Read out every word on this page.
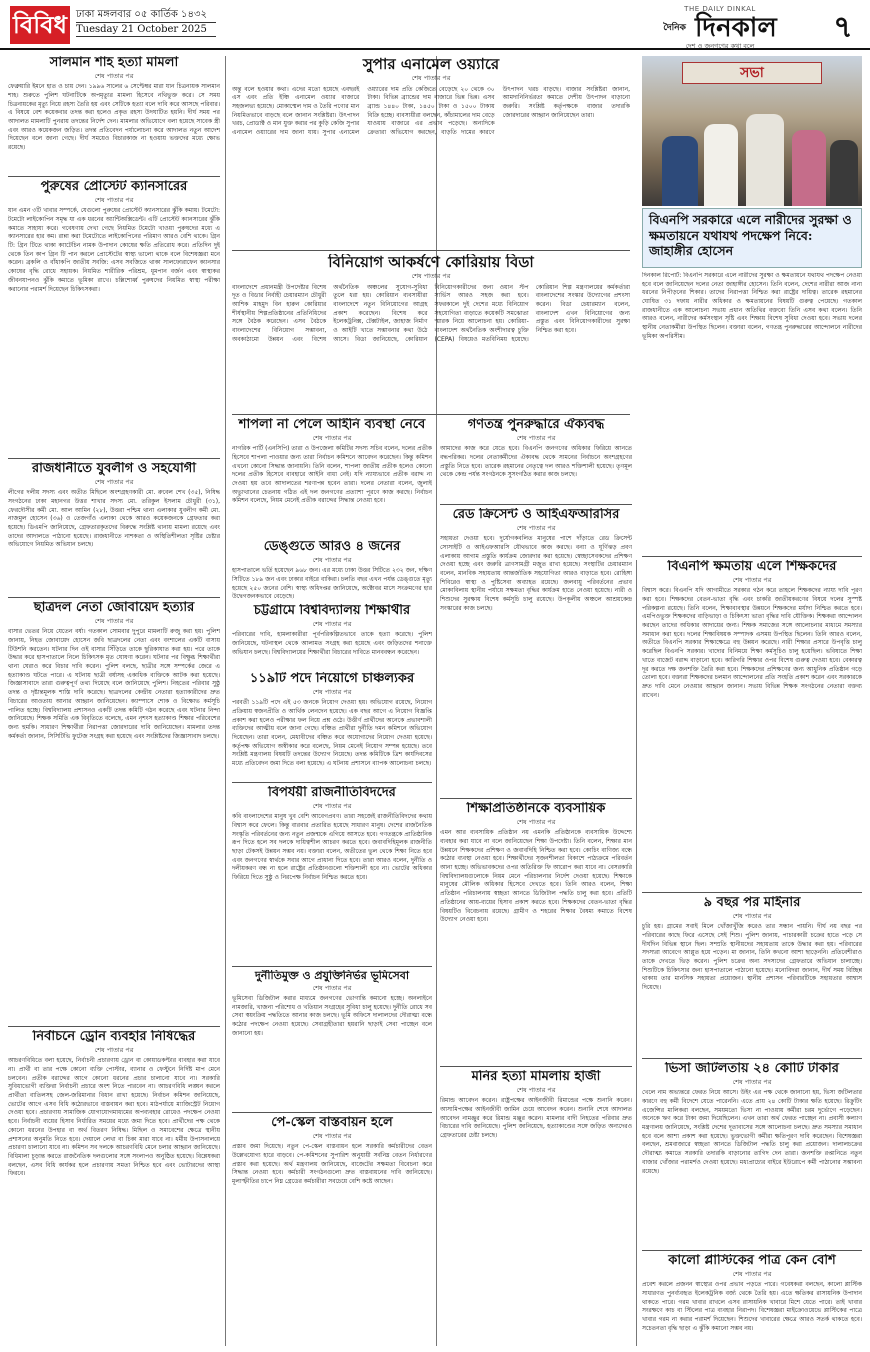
বিবিধ ঢাকা মঙ্গলবার ০৫ কার্তিক ১৪৩২
Tuesday 21 October 2025
THE DAILY DINKAL
$^{দৈনিক}$ দিনকাল
দেশ ও জনগণের কথা বলে
৭
সালমান শাহ হত্যা মামলা
শেষ পাতার পর
ফেব্রুয়ারি ইমনে হাত ও চায় দেন। ১৯৯৬ সালের ৬ সেপ্টেম্বর মারা যান চিত্রনায়ক সালমান শাহ। শুরুতে পুলিশ ঘটনাটিকে অপমৃত্যুর মামলা হিসেবে নথিভুক্ত করে। সে সময় চিত্রনায়কের মৃত্যু নিয়ে রহস্য তৈরি হয় এবং সেটিকে হত্যা বলে দাবি করে আসছে পরিবার। এ বিষয়ে বেশ কয়েকবার তদন্ত করা হলেও প্রকৃত রহস্য উদঘাটিত হয়নি। দীর্ঘ সময় পর আদালত মামলাটি পুনরায় তদন্তের নির্দেশ দেন। মামলার অভিযোগে বলা হয়েছে সাবেক স্ত্রী এবং আরও কয়েকজন জড়িত। তদন্ত প্রতিবেদন পর্যালোচনা করে আদালত নতুন আদেশ দিয়েছেন বলে জানা গেছে। দীর্ঘ সময়েও বিচারকাজ না হওয়ায় ভক্তদের মধ্যে ক্ষোভ রয়েছে।
পুরুষের প্রোস্টেট ক্যানসারের
শেষ পাতার পর
যান এমন ৩টি খাবার সম্পর্কে, যেগুলো পুরুষের প্রোস্টেট ক্যানসারের ঝুঁকি কমায়। টমেটো: টমেটো লাইকোপিন সমৃদ্ধ যা এক ধরনের অ্যান্টিঅক্সিডেন্ট। এটি প্রোস্টেট ক্যানসারের ঝুঁকি কমাতে সাহায্য করে। গবেষণায় দেখা গেছে নিয়মিত টমেটো খাওয়া পুরুষদের মধ্যে এ ক্যানসারের হার কম। রান্না করা টমেটোতে লাইকোপিনের পরিমাণ আরও বেশি থাকে। গ্রিন টি: গ্রিন টিতে থাকা ক্যাটেচিন নামক উপাদান কোষের ক্ষতি প্রতিরোধ করে। প্রতিদিন দুই থেকে তিন কাপ গ্রিন টি পান করলে প্রোস্টেটের স্বাস্থ্য ভালো থাকে বলে বিশেষজ্ঞরা মনে করেন। ব্রকলি ও বাঁধাকপি জাতীয় সবজি: এসব সবজিতে থাকা সালফোরাফেন ক্যানসার কোষের বৃদ্ধি রোধে সহায়ক। নিয়মিত শারীরিক পরিশ্রম, ধূমপান বর্জন এবং স্বাস্থ্যকর জীবনযাপনও ঝুঁকি কমাতে ভূমিকা রাখে। চল্লিশোর্ধ্ব পুরুষদের নিয়মিত স্বাস্থ্য পরীক্ষা করানোর পরামর্শ দিয়েছেন চিকিৎসকরা।
রাজধানীতে যুবলীগ ও সহযোগী
শেষ পাতার পর
লীগের দলীয় সদস্য এবং অতীত মিছিলে অংশগ্রহণকারী মো. রুবেল শেখ (৩৫), নিষিদ্ধ সংগঠনের ঢাকা মহানগর উত্তর শাখার সদস্য মো. তরিকুল ইসলাম চৌধুরী (৩১), ফেরদৌসীর কর্মী মো. আল আমিন (২৮), উত্তরা পশ্চিম থানা এলাকার যুবলীগ কর্মী মো. নাজমুল হোসেন (৩৬) ও তেজগাঁও এলাকা থেকে আরও কয়েকজনকে গ্রেফতার করা হয়েছে। ডিএমপি জানিয়েছে, গ্রেফতারকৃতদের বিরুদ্ধে সংশ্লিষ্ট থানায় মামলা রয়েছে এবং তাদের আদালতে পাঠানো হয়েছে। রাজধানীতে নাশকতা ও অস্থিতিশীলতা সৃষ্টির চেষ্টার অভিযোগে নিয়মিত অভিযান চলছে।
ছাত্রদল নেতা জোবায়েদ হত্যার
শেষ পাতার পর
বাসার ভেতর নিয়ে যেতেন বর্ষা। গতকাল সোমবার দুপুরে মামলাটি রুজু করা হয়। পুলিশ জানায়, নিহত জোবায়েদ হোসেন জবি ছাত্রদলের নেতা এবং বংশালের একটি বাসায় টিউশনি করতেন। ঘটনার দিন ওই বাসার সিঁড়িতে তাকে ছুরিকাঘাত করা হয়। পরে তাকে উদ্ধার করে হাসপাতালে নিলে চিকিৎসক মৃত ঘোষণা করেন। ঘটনার পর বিক্ষুব্ধ শিক্ষার্থীরা থানা ঘেরাও করে বিচার দাবি করেন। পুলিশ বলছে, ছাত্রীর সঙ্গে সম্পর্কের জেরে এ হত্যাকাণ্ড ঘটতে পারে। এ ঘটনায় ছাত্রী বর্ষাসহ একাধিক ব্যক্তিকে আটক করা হয়েছে। জিজ্ঞাসাবাদে তারা গুরুত্বপূর্ণ তথ্য দিয়েছে বলে জানিয়েছে পুলিশ। নিহতের পরিবার সুষ্ঠু তদন্ত ও দৃষ্টান্তমূলক শাস্তি দাবি করেছে। ছাত্রদলের কেন্দ্রীয় নেতারা হত্যাকারীদের দ্রুত বিচারের আওতায় আনার আহ্বান জানিয়েছেন। ক্যাম্পাসে শোক ও বিক্ষোভ কর্মসূচি পালিত হচ্ছে। বিশ্ববিদ্যালয় প্রশাসনও একটি তদন্ত কমিটি গঠন করেছে এবং ঘটনার নিন্দা জানিয়েছে। শিক্ষক সমিতি এক বিবৃতিতে বলেছে, এমন নৃশংস হত্যাকাণ্ড শিক্ষার পরিবেশের জন্য হুমকি। সাধারণ শিক্ষার্থীরা নিরাপত্তা জোরদারের দাবি জানিয়েছেন। মামলার তদন্ত কর্মকর্তা জানান, সিসিটিভি ফুটেজ সংগ্রহ করা হয়েছে এবং সংশ্লিষ্টদের জিজ্ঞাসাবাদ চলছে।
নির্বাচনে ড্রোন ব্যবহার নিষিদ্ধের
শেষ পাতার পর
আচরণবিধিতে বলা হয়েছে, নির্বাচনী প্রচারণায় ড্রোন বা কোয়াডকপ্টার ব্যবহার করা যাবে না। প্রার্থী বা তার পক্ষে কোনো ব্যক্তি পোস্টার, ব্যানার ও ফেস্টুনে নির্দিষ্ট মাপ মেনে চলবেন। প্রতীক বরাদ্দের আগে কোনো ধরনের প্রচার চালানো যাবে না। সরকারি সুবিধাভোগী ব্যক্তিরা নির্বাচনী প্রচারে অংশ নিতে পারবেন না। আচরণবিধি লঙ্ঘন করলে প্রার্থীতা বাতিলসহ জেল-জরিমানার বিধান রাখা হয়েছে। নির্বাচন কমিশন জানিয়েছে, ভোটের আগে এসব বিধি কঠোরভাবে বাস্তবায়ন করা হবে। মাঠপর্যায়ে ম্যাজিস্ট্রেট নিয়োগ দেওয়া হবে। প্রচারণায় সামাজিক যোগাযোগমাধ্যমের অপব্যবহার রোধেও পদক্ষেপ নেওয়া হবে। নির্বাচনী ব্যয়ের হিসাব নির্ধারিত সময়ের মধ্যে জমা দিতে হবে। প্রার্থীদের পক্ষ থেকে কোনো ধরনের উপহার বা অর্থ বিতরণ নিষিদ্ধ। মিছিল ও সমাবেশের ক্ষেত্রে স্থানীয় প্রশাসনের অনুমতি নিতে হবে। দেয়ালে লেখা বা চিকা মারা যাবে না। ধর্মীয় উপাসনালয়ে প্রচারণা চালানো যাবে না। কমিশন সব দলকে আচরণবিধি মেনে চলার আহ্বান জানিয়েছে। বিধিমালা চূড়ান্ত করতে রাজনৈতিক দলগুলোর সঙ্গে সংলাপও অনুষ্ঠিত হয়েছে। বিশ্লেষকরা বলছেন, এসব বিধি কার্যকর হলে প্রচারণায় সমতা নিশ্চিত হবে এবং ভোটারদের আস্থা ফিরবে।
সুপার এনামেল ওয়্যারে
শেষ পাতার পর
অন্তু বলে হওয়ার কথা। এদের মতো হয়েছে এবছরই এস এবং প্রতি ইঞ্চি এনামেল ওয়্যার বাজারে সহজলভ্য হয়েছে। মোকাম্মেল দাম ও তৈরি পণ্যের মান নিয়মিতভাবে বাড়ছে বলে জানান সংশ্লিষ্টরা। উৎপাদন খরচ, প্রোডাক্ট ও মান যুক্ত করার পর কুড়ি কেজি সুপার এনামেল ওয়্যারের দাম জানা যায়। সুপার এনামেল ওয়্যারের দাম প্রতি কেজিতে বেড়েছে ২০ থেকে ৩০ টাকা। বিভিন্ন ব্র্যান্ডের দাম বাজারে ভিন্ন ভিন্ন। এসব ব্র্যান্ড ১৪৪০ টাকা, ১৪৫০ টাকা ও ১৫০০ টাকায় বিক্রি হচ্ছে। ব্যবসায়ীরা বলছেন, কাঁচামালের দাম বেড়ে যাওয়ায় বাজারে এর প্রভাব পড়েছে। অন্যদিকে ক্রেতারা অভিযোগ করছেন, বাড়তি দামের কারণে উৎপাদন খরচ বাড়ছে। বাজার সংশ্লিষ্টরা জানান, আমদানিনির্ভরতা কমাতে দেশীয় উৎপাদন বাড়ানো জরুরি। সংশ্লিষ্ট কর্তৃপক্ষকে বাজার তদারকি জোরদারের আহ্বান জানিয়েছেন তারা।
বিনিয়োগ আকর্ষণে কোরিয়ায় বিডা
শেষ পাতার পর
বাংলাদেশে প্রধানমন্ত্রী উপদেষ্টার বিশেষ দূত ও বিডার নির্বাহী চেয়ারম্যান চৌধুরী আশিক মাহমুদ বিন হারুন কোরিয়ার শীর্ষস্থানীয় শিল্পপ্রতিষ্ঠানের প্রতিনিধিদের সঙ্গে বৈঠক করেছেন। এসব বৈঠকে বাংলাদেশের বিনিয়োগ সম্ভাবনা, অবকাঠামো উন্নয়ন এবং বিশেষ অর্থনৈতিক অঞ্চলের সুযোগ-সুবিধা তুলে ধরা হয়। কোরিয়ান ব্যবসায়ীরা বাংলাদেশে নতুন বিনিয়োগের আগ্রহ প্রকাশ করেছেন। বিশেষ করে ইলেকট্রনিক্স, টেক্সটাইল, জাহাজ নির্মাণ ও আইটি খাতে সম্ভাবনার কথা উঠে আসে। বিডা জানিয়েছে, কোরিয়ান বিনিয়োগকারীদের জন্য ওয়ান স্টপ সার্ভিস আরও সহজ করা হবে। সফরকালে দুই দেশের মধ্যে বিনিয়োগ সহযোগিতা বাড়াতে কয়েকটি সমঝোতা স্মারক নিয়ে আলোচনা হয়। কোরিয়া-বাংলাদেশ অর্থনৈতিক অংশীদারত্ব চুক্তি (CEPA) বিষয়েও মতবিনিময় হয়েছে। কোরিয়ান শিল্প মন্ত্রণালয়ের কর্মকর্তারা বাংলাদেশের সংস্কার উদ্যোগের প্রশংসা করেন। বিডা চেয়ারম্যান বলেন, বাংলাদেশ এখন বিনিয়োগের জন্য প্রস্তুত এবং বিনিয়োগকারীদের সুরক্ষা নিশ্চিত করা হবে।
শাপলা না পেলে আইনি ব্যবস্থা নেবে
শেষ পাতার পর
নাগরিক পার্টি (এনসিপি) তারা ও উপজেলা কমিটির সদস্য সচিব বলেন, দলের প্রতীক হিসেবে শাপলা পাওয়ার জন্য তারা নির্বাচন কমিশনে আবেদন করেছেন। কিন্তু কমিশন এখনো কোনো সিদ্ধান্ত জানায়নি। তিনি বলেন, শাপলা জাতীয় প্রতীক হলেও কোনো দলের প্রতীক হিসেবে ব্যবহারে আইনি বাধা নেই। যদি ন্যায্যভাবে প্রতীক বরাদ্দ না দেওয়া হয় তবে আদালতের শরণাপন্ন হবেন তারা। দলের নেতারা বলেন, জুলাই অভ্যুত্থানের চেতনায় গঠিত এই দল জনগণের প্রত্যাশা পূরণে কাজ করছে। নির্বাচন কমিশন বলেছে, নিয়ম মেনেই প্রতীক বরাদ্দের সিদ্ধান্ত নেওয়া হবে।
ডেঙ্গুতে আরও ৪ জনের
শেষ পাতার পর
হাসপাতালে ভর্তি হয়েছেন ৯৬৮ জন। এর মধ্যে ঢাকা উত্তর সিটিতে ২৩২ জন, দক্ষিণ সিটিতে ১৮৯ জন এবং ঢাকার বাইরে বাকিরা। চলতি বছর এখন পর্যন্ত ডেঙ্গুতে মৃত্যু হয়েছে ২৫০ জনের বেশি। স্বাস্থ্য অধিদপ্তর জানিয়েছে, অক্টোবর মাসে সংক্রমণের হার উদ্বেগজনকভাবে বেড়েছে।
চট্টগ্রামে বিশ্ববিদ্যালয় শিক্ষার্থীর
শেষ পাতার পর
পরিবারের দাবি, হামলাকারীরা পূর্বপরিকল্পিতভাবে তাকে হত্যা করেছে। পুলিশ জানিয়েছে, ঘটনাস্থল থেকে আলামত সংগ্রহ করা হয়েছে এবং জড়িতদের শনাক্তে অভিযান চলছে। বিশ্ববিদ্যালয়ের শিক্ষার্থীরা বিচারের দাবিতে মানববন্ধন করেছেন।
১১৯টি পদে নিয়োগে চাঞ্চল্যকর
শেষ পাতার পর
পরবর্তী ১১৯টি পদে এই ৫৩ জনকে নিয়োগ দেওয়া হয়। অভিযোগ রয়েছে, নিয়োগ প্রক্রিয়ায় স্বজনপ্রীতি ও আর্থিক লেনদেন হয়েছে। এক বছর আগে এ নিয়োগ বিজ্ঞপ্তি প্রকাশ করা হলেও পরীক্ষার ফল নিয়ে প্রশ্ন ওঠে। উত্তীর্ণ প্রার্থীদের অনেকে প্রভাবশালী ব্যক্তিদের আত্মীয় বলে জানা গেছে। বঞ্চিত প্রার্থীরা দুর্নীতি দমন কমিশনে অভিযোগ দিয়েছেন। তারা বলেন, মেধাবীদের বঞ্চিত করে অযোগ্যদের নিয়োগ দেওয়া হয়েছে। কর্তৃপক্ষ অভিযোগ অস্বীকার করে বলেছে, নিয়ম মেনেই নিয়োগ সম্পন্ন হয়েছে। তবে সংশ্লিষ্ট মন্ত্রণালয় বিষয়টি তদন্তের উদ্যোগ নিয়েছে। তদন্ত কমিটিকে ত্রিশ কার্যদিবসের মধ্যে প্রতিবেদন জমা দিতে বলা হয়েছে। এ ঘটনায় প্রশাসনে ব্যাপক আলোচনা চলছে।
বিপর্যয়ী রাজনীতিবিদদের
শেষ পাতার পর
কবি বাংলাদেশের মানুষ খুব বেশি আবেগপ্রবণ। তারা সহজেই রাজনীতিবিদদের কথায় বিশ্বাস করে ফেলে। কিন্তু বারবার প্রতারিত হয়েছে সাধারণ মানুষ। দেশের রাজনৈতিক সংস্কৃতি পরিবর্তনের জন্য নতুন প্রজন্মকে এগিয়ে আসতে হবে। গণতন্ত্রকে প্রাতিষ্ঠানিক রূপ দিতে হলে সব দলকে দায়িত্বশীল আচরণ করতে হবে। জবাবদিহিমূলক রাজনীতি ছাড়া টেকসই উন্নয়ন সম্ভব নয়। বক্তারা বলেন, অতীতের ভুল থেকে শিক্ষা নিতে হবে এবং জনগণের স্বার্থকে সবার আগে প্রাধান্য দিতে হবে। তারা আরও বলেন, দুর্নীতি ও দলীয়করণ বন্ধ না হলে রাষ্ট্রের প্রতিষ্ঠানগুলো শক্তিশালী হবে না। ভোটের অধিকার ফিরিয়ে দিতে সুষ্ঠু ও নিরপেক্ষ নির্বাচন নিশ্চিত করতে হবে।
দুর্নীতিমুক্ত ও প্রযুক্তিনির্ভর ভূমিসেবা
শেষ পাতার পর
ভূমিসেবা ডিজিটাল করার মাধ্যমে জনগণের ভোগান্তি কমানো হচ্ছে। অনলাইনে নামজারি, খাজনা পরিশোধ ও খতিয়ান সংগ্রহের সুবিধা চালু হয়েছে। দুর্নীতি রোধে সব সেবা স্বয়ংক্রিয় পদ্ধতিতে আনার কাজ চলছে। ভূমি অফিসে দালালদের দৌরাত্ম্য বন্ধে কঠোর পদক্ষেপ নেওয়া হয়েছে। সেবাগ্রহীতারা হয়রানি ছাড়াই সেবা পাচ্ছেন বলে জানানো হয়।
পে-স্কেল বাস্তবায়ন হলে
শেষ পাতার পর
প্রস্তাব জমা দিয়েছে। নতুন পে-স্কেল বাস্তবায়ন হলে সরকারি কর্মচারীদের বেতন উল্লেখযোগ্য হারে বাড়বে। পে-কমিশনের সুপারিশ অনুযায়ী সর্বনিম্ন বেতন নির্ধারণের প্রস্তাব করা হয়েছে। অর্থ মন্ত্রণালয় জানিয়েছে, বাজেটের সক্ষমতা বিবেচনা করে সিদ্ধান্ত নেওয়া হবে। কর্মচারী সংগঠনগুলো দ্রুত বাস্তবায়নের দাবি জানিয়েছে। মূল্যস্ফীতির চাপে নিম্ন গ্রেডের কর্মচারীরা সবচেয়ে বেশি কষ্টে আছেন।
গণতন্ত্র পুনরুদ্ধারে ঐক্যবদ্ধ
শেষ পাতার পর
আমাদের কাজ করে যেতে হবে। বিএনপি জনগণের অধিকার ফিরিয়ে আনতে বদ্ধপরিকর। দলের নেতাকর্মীদের ঐক্যবদ্ধ থেকে সামনের নির্বাচনে অংশগ্রহণের প্রস্তুতি নিতে হবে। তারেক রহমানের নেতৃত্বে দল আরও শক্তিশালী হয়েছে। তৃণমূল থেকে কেন্দ্র পর্যন্ত সংগঠনকে সুসংগঠিত করার কাজ চলছে।
রেড ক্রিসেন্ট ও আইএফআরসির
শেষ পাতার পর
সহায়তা দেওয়া হবে। দুর্যোগকবলিত মানুষের পাশে দাঁড়াতে রেড ক্রিসেন্ট সোসাইটি ও আইএফআরসি যৌথভাবে কাজ করছে। বন্যা ও ঘূর্ণিঝড় প্রবণ এলাকায় আগাম প্রস্তুতি কার্যক্রম জোরদার করা হয়েছে। স্বেচ্ছাসেবকদের প্রশিক্ষণ দেওয়া হচ্ছে এবং জরুরি ত্রাণসামগ্রী মজুত রাখা হয়েছে। সংস্থাটির চেয়ারম্যান বলেন, মানবিক সহায়তায় আন্তর্জাতিক সহযোগিতা আরও বাড়াতে হবে। রোহিঙ্গা শিবিরেও স্বাস্থ্য ও পুষ্টিসেবা অব্যাহত রয়েছে। জলবায়ু পরিবর্তনের প্রভাব মোকাবিলায় স্থানীয় পর্যায়ে সক্ষমতা বৃদ্ধির কার্যক্রম হাতে নেওয়া হয়েছে। নারী ও শিশুদের সুরক্ষায় বিশেষ কর্মসূচি চালু রয়েছে। উপকূলীয় অঞ্চলে আশ্রয়কেন্দ্র সংস্কারের কাজ চলছে।
শিক্ষাপ্রতিষ্ঠানকে ব্যবসায়িক
শেষ পাতার পর
এমন আর ব্যবসায়িক প্রতিষ্ঠান নয় এমনকি প্রতিষ্ঠানকে ব্যবসায়িক উদ্দেশ্যে ব্যবহার করা যাবে না বলে জানিয়েছেন শিক্ষা উপদেষ্টা। তিনি বলেন, শিক্ষার মান উন্নয়নে শিক্ষকদের প্রশিক্ষণ ও জবাবদিহি নিশ্চিত করা হবে। কোচিং বাণিজ্য বন্ধে কঠোর ব্যবস্থা নেওয়া হবে। শিক্ষার্থীদের সৃজনশীলতা বিকাশে পাঠ্যক্রমে পরিবর্তন আনা হচ্ছে। অভিভাবকদের ওপর অতিরিক্ত ফি আরোপ করা যাবে না। বেসরকারি বিশ্ববিদ্যালয়গুলোকে নিয়ম মেনে পরিচালনার নির্দেশ দেওয়া হয়েছে। শিক্ষাকে মানুষের মৌলিক অধিকার হিসেবে দেখতে হবে। তিনি আরও বলেন, শিক্ষা প্রতিষ্ঠান পরিচালনায় স্বচ্ছতা আনতে ডিজিটাল পদ্ধতি চালু করা হবে। প্রতিটি প্রতিষ্ঠানের আয়-ব্যয়ের হিসাব প্রকাশ করতে হবে। শিক্ষকদের বেতন-ভাতা বৃদ্ধির বিষয়টিও বিবেচনায় রয়েছে। গ্রামীণ ও শহরের শিক্ষার বৈষম্য কমাতে বিশেষ উদ্যোগ নেওয়া হবে।
মনির হত্যা মামলায় হাজী
শেষ পাতার পর
রিমান্ড আবেদন করেন। রাষ্ট্রপক্ষের আইনজীবী রিমান্ডের পক্ষে শুনানি করেন। আসামিপক্ষের আইনজীবী জামিন চেয়ে আবেদন করেন। শুনানি শেষে আদালত আবেদন নামঞ্জুর করে রিমান্ড মঞ্জুর করেন। মামলার বাদী নিহতের পরিবার দ্রুত বিচারের দাবি জানিয়েছে। পুলিশ জানিয়েছে, হত্যাকাণ্ডের সঙ্গে জড়িত অন্যদেরও গ্রেফতারের চেষ্টা চলছে।
সভা
বিএনপি সরকারে এলে নারীদের সুরক্ষা ও ক্ষমতায়নে যথাযথ পদক্ষেপ নিবে: জাহাঙ্গীর হোসেন
দিনকাল রিপোর্ট: বিএনপি সরকারে এলে নারীদের সুরক্ষা ও ক্ষমতায়নে যথাযথ পদক্ষেপ নেওয়া হবে বলে জানিয়েছেন দলের নেতা জাহাঙ্গীর হোসেন। তিনি বলেন, দেশের নারীরা আজ নানা ধরনের নিপীড়নের শিকার। তাদের নিরাপত্তা নিশ্চিত করা রাষ্ট্রের দায়িত্ব। তারেক রহমানের ঘোষিত ৩১ দফায় নারীর অধিকার ও ক্ষমতায়নের বিষয়টি গুরুত্ব পেয়েছে। গতকাল রাজধানীতে এক আলোচনা সভায় প্রধান অতিথির বক্তব্যে তিনি এসব কথা বলেন। তিনি আরও বলেন, নারীদের কর্মসংস্থান সৃষ্টি এবং শিক্ষায় বিশেষ সুবিধা দেওয়া হবে। সভায় দলের স্থানীয় নেতাকর্মীরা উপস্থিত ছিলেন। বক্তারা বলেন, গণতন্ত্র পুনরুদ্ধারের আন্দোলনে নারীদের ভূমিকা অপরিসীম।
বিএনপি ক্ষমতায় এলে শিক্ষকদের
শেষ পাতার পর
বিশ্বাস করে। বিএনপি যদি আগামীতে সরকার গঠন করে তাহলে শিক্ষকদের ন্যায্য দাবি পূরণ করা হবে। শিক্ষকদের বেতন-ভাতা বৃদ্ধি এবং চাকরি জাতীয়করণের বিষয়ে দলের সুস্পষ্ট পরিকল্পনা রয়েছে। তিনি বলেন, শিক্ষাব্যবস্থার উন্নয়নে শিক্ষকদের মর্যাদা নিশ্চিত করতে হবে। এমপিওভুক্ত শিক্ষকদের বাড়িভাড়া ও চিকিৎসা ভাতা বৃদ্ধির দাবি যৌক্তিক। শিক্ষকরা আন্দোলন করছেন তাদের অধিকার আদায়ের জন্য। শিক্ষক সমাজের সঙ্গে আলোচনার মাধ্যমে সমস্যার সমাধান করা হবে। দলের শিক্ষাবিষয়ক সম্পাদক এসময় উপস্থিত ছিলেন। তিনি আরও বলেন, অতীতে বিএনপি সরকার শিক্ষাক্ষেত্রে বহু উন্নয়ন করেছে। নারী শিক্ষার প্রসারে উপবৃত্তি চালু করেছিল বিএনপি সরকার। খাদ্যের বিনিময়ে শিক্ষা কর্মসূচিও চালু হয়েছিল। ভবিষ্যতে শিক্ষা খাতে বাজেট বরাদ্দ বাড়ানো হবে। কারিগরি শিক্ষার ওপর বিশেষ গুরুত্ব দেওয়া হবে। বেকারত্ব দূর করতে দক্ষ জনশক্তি তৈরি করা হবে। শিক্ষকদের প্রশিক্ষণের জন্য আধুনিক প্রতিষ্ঠান গড়ে তোলা হবে। বক্তারা শিক্ষকদের চলমান আন্দোলনের প্রতি সংহতি প্রকাশ করেন এবং সরকারকে দ্রুত দাবি মেনে নেওয়ার আহ্বান জানান। সভায় বিভিন্ন শিক্ষক সংগঠনের নেতারা বক্তব্য রাখেন।
৯ বছর পর মাইনার
শেষ পাতার পর
চুরি হয়। গ্রামের সবাই মিলে খোঁজাখুঁজি করেও তার সন্ধান পায়নি। দীর্ঘ নয় বছর পর পরিবারের কাছে ফিরে এসেছে সেই শিশু। পুলিশ জানায়, পাচারকারী চক্রের হাতে পড়ে সে দীর্ঘদিন বিভিন্ন স্থানে ছিল। সম্প্রতি স্থানীয়দের সহায়তায় তাকে উদ্ধার করা হয়। পরিবারের সদস্যরা আবেগে আপ্লুত হয়ে পড়েন। মা জানান, তিনি কখনো আশা ছাড়েননি। প্রতিবেশীরাও তাকে দেখতে ভিড় করেন। পুলিশ চক্রের অন্য সদস্যদের গ্রেফতারে অভিযান চালাচ্ছে। শিশুটিকে চিকিৎসার জন্য হাসপাতালে পাঠানো হয়েছে। মনোবিদরা জানান, দীর্ঘ সময় বিচ্ছিন্ন থাকায় তার মানসিক সহায়তা প্রয়োজন। স্থানীয় প্রশাসন পরিবারটিকে সহায়তার আশ্বাস দিয়েছে।
ভিসা জটিলতায় ২৪ কোটি টাকার
শেষ পাতার পর
খেলে নাম অভ্যন্তরে ফেরত নিয়ে আসে। উইং এর পক্ষ থেকে জানানো হয়, ভিসা জটিলতার কারণে বহু কর্মী বিদেশে যেতে পারেননি। এতে প্রায় ২৪ কোটি টাকার ক্ষতি হয়েছে। রিক্রুটিং এজেন্সির মালিকরা বলছেন, সময়মতো ভিসা না পাওয়ায় কর্মীরা চরম দুর্ভোগে পড়েছেন। অনেকে ঋণ করে টাকা জমা দিয়েছিলেন। এখন তারা অর্থ ফেরত পাচ্ছেন না। প্রবাসী কল্যাণ মন্ত্রণালয় জানিয়েছে, সংশ্লিষ্ট দেশের দূতাবাসের সঙ্গে আলোচনা চলছে। দ্রুত সমস্যার সমাধান হবে বলে আশা প্রকাশ করা হয়েছে। ভুক্তভোগী কর্মীরা ক্ষতিপূরণ দাবি করেছেন। বিশেষজ্ঞরা বলছেন, শ্রমবাজারে স্বচ্ছতা আনতে ডিজিটাল পদ্ধতি চালু করা প্রয়োজন। দালালচক্রের দৌরাত্ম্য কমাতে সরকারি তদারকি বাড়ানোর তাগিদ দেন তারা। জনশক্তি রপ্তানিতে নতুন বাজার খোঁজার পরামর্শও দেওয়া হয়েছে। মধ্যপ্রাচ্যের বাইরে ইউরোপে কর্মী পাঠানোর সম্ভাবনা রয়েছে।
কালো প্লাস্টিকের পাত্র কেন বেশি
শেষ পাতার পর
প্রবেশ করলে প্রজনন স্বাস্থ্যের ওপর প্রভাব পড়তে পারে। গবেষকরা বলছেন, কালো প্লাস্টিক সাধারণত পুনর্ব্যবহৃত ইলেকট্রনিক বর্জ্য থেকে তৈরি হয়। এতে ক্ষতিকর রাসায়নিক উপাদান থাকতে পারে। গরম খাবার রাখলে এসব রাসায়নিক খাবারে মিশে যেতে পারে। তাই খাবার সংরক্ষণে কাচ বা স্টিলের পাত্র ব্যবহার নিরাপদ। বিশেষজ্ঞরা মাইক্রোওয়েভে প্লাস্টিকের পাত্রে খাবার গরম না করার পরামর্শ দিয়েছেন। শিশুদের খাবারের ক্ষেত্রে আরও সতর্ক থাকতে হবে। সচেতনতা বৃদ্ধি ছাড়া এ ঝুঁকি কমানো সম্ভব নয়।
